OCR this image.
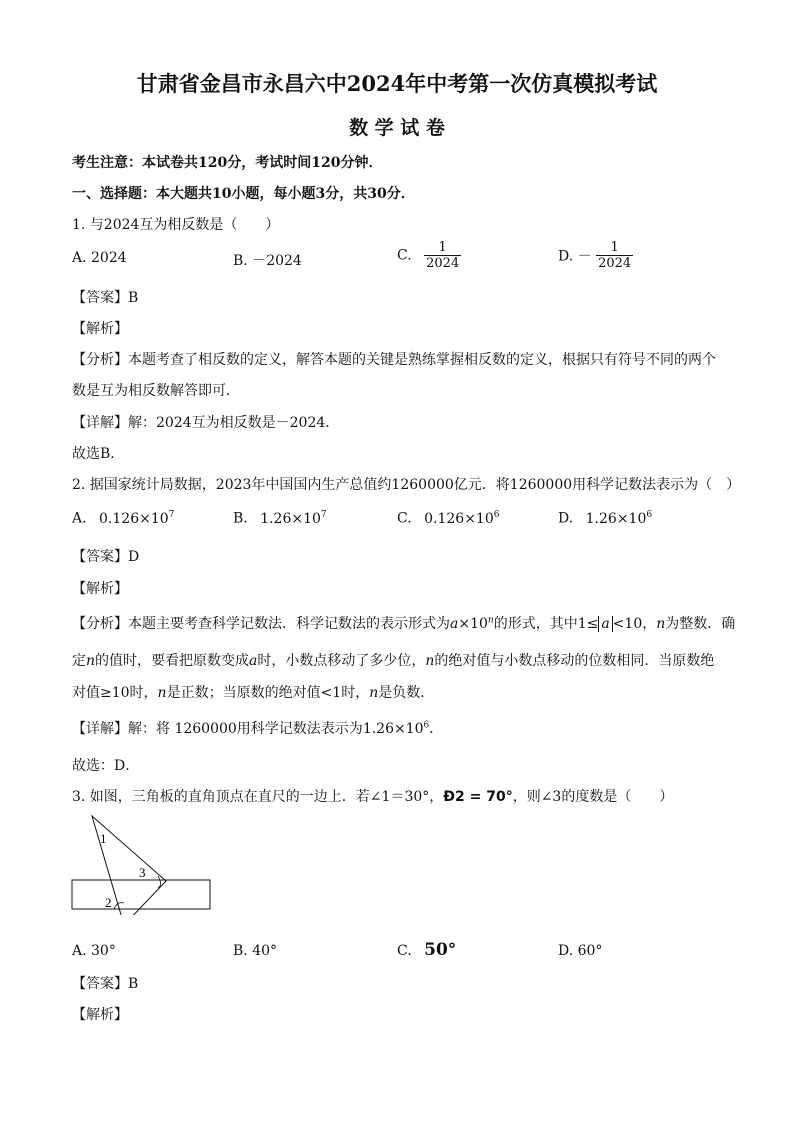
甘肃省金昌市永昌六中2024年中考第一次仿真模拟考试
数 学 试 卷
考生注意：本试卷共120分，考试时间120分钟．
一、选择题：本大题共10小题，每小题3分，共30分．
1. 与2024互为相反数是（　　）
A. 2024	B. －2024	C. $\frac{1}{2024}$	D. － $\frac{1}{2024}$
【答案】B
【解析】
【分析】本题考查了相反数的定义，解答本题的关键是熟练掌握相反数的定义，根据只有符号不同的两个
数是互为相反数解答即可．
【详解】解：2024互为相反数是－2024．
故选B．
2. 据国家统计局数据，2023年中国国内生产总值约1260000亿元．将1260000用科学记数法表示为（　）
A. $0.126\times 10^7$	B. $1.26\times 10^7$	C. $0.126\times 10^6$	D. $1.26\times 10^6$
【答案】D
【解析】
【分析】本题主要考查科学记数法．科学记数法的表示形式为$a\times 10^n$的形式，其中1≤ a <10，n为整数．确
定n的值时，要看把原数变成a时，小数点移动了多少位，n的绝对值与小数点移动的位数相同．当原数绝
对值≥10时，n是正数；当原数的绝对值<1时，n是负数．
【详解】解：将 1260000用科学记数法表示为$1.26\times 10^6$．
故选：D．
3. 如图，三角板的直角顶点在直尺的一边上．若∠1＝30°，Ð2 = 70°，则∠3的度数是（　　）
1
3
2
A. 30°	B. 40°	C. 50°	D. 60°
【答案】B
【解析】
